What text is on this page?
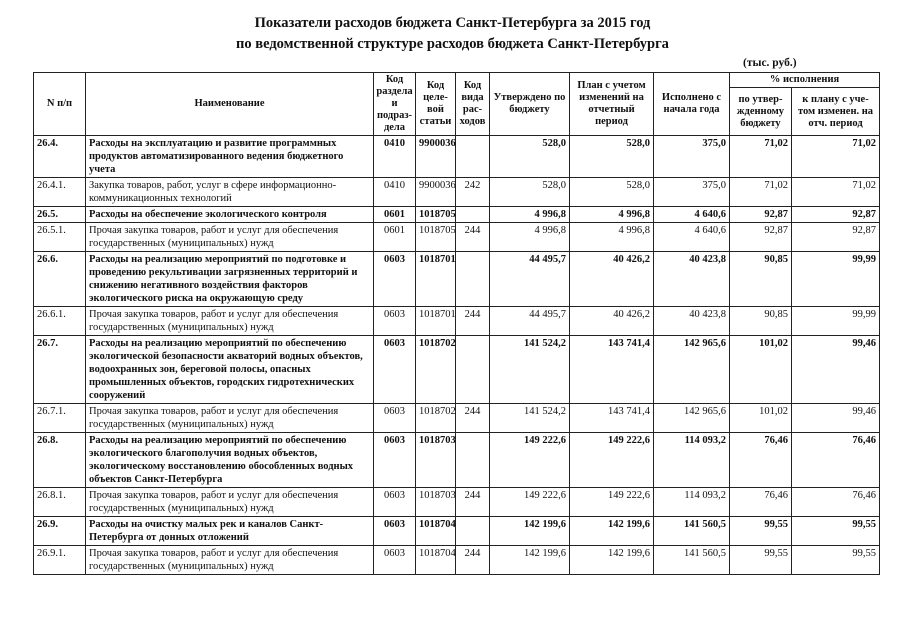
Показатели расходов бюджета Санкт-Петербурга за 2015 год
по ведомственной структуре расходов бюджета Санкт-Петербурга
(тыс. руб.)
N п/п	Наименование	Код раздела и подраз-дела	Код целе-вой статьи	Код вида рас-ходов	Утверждено по бюджету	План с учетом изменений на отчетный период	Исполнено с начала года	% исполнения	
								по утвер-жденному бюджету	к плану с уче-том изменен. на отч. период
26.4.	Расходы на эксплуатацию и развитие программных продуктов автоматизированного ведения бюджетного учета	0410	9900036		528,0	528,0	375,0	71,02	71,02
26.4.1.	Закупка товаров, работ, услуг в сфере информационно-коммуникационных технологий	0410	9900036	242	528,0	528,0	375,0	71,02	71,02
26.5.	Расходы на обеспечение экологического контроля	0601	1018705		4 996,8	4 996,8	4 640,6	92,87	92,87
26.5.1.	Прочая закупка товаров, работ и услуг для обеспечения государственных (муниципальных) нужд	0601	1018705	244	4 996,8	4 996,8	4 640,6	92,87	92,87
26.6.	Расходы на реализацию мероприятий по подготовке и проведению рекультивации загрязненных территорий и снижению негативного воздействия факторов экологического риска на окружающую среду	0603	1018701		44 495,7	40 426,2	40 423,8	90,85	99,99
26.6.1.	Прочая закупка товаров, работ и услуг для обеспечения государственных (муниципальных) нужд	0603	1018701	244	44 495,7	40 426,2	40 423,8	90,85	99,99
26.7.	Расходы на реализацию мероприятий по обеспечению экологической безопасности акваторий водных объектов, водоохранных зон, береговой полосы, опасных промышленных объектов, городских гидротехнических сооружений	0603	1018702		141 524,2	143 741,4	142 965,6	101,02	99,46
26.7.1.	Прочая закупка товаров, работ и услуг для обеспечения государственных (муниципальных) нужд	0603	1018702	244	141 524,2	143 741,4	142 965,6	101,02	99,46
26.8.	Расходы на реализацию мероприятий по обеспечению экологического благополучия водных объектов, экологическому восстановлению обособленных водных объектов Санкт-Петербурга	0603	1018703		149 222,6	149 222,6	114 093,2	76,46	76,46
26.8.1.	Прочая закупка товаров, работ и услуг для обеспечения государственных (муниципальных) нужд	0603	1018703	244	149 222,6	149 222,6	114 093,2	76,46	76,46
26.9.	Расходы на очистку малых рек и каналов Санкт-Петербурга от донных отложений	0603	1018704		142 199,6	142 199,6	141 560,5	99,55	99,55
26.9.1.	Прочая закупка товаров, работ и услуг для обеспечения государственных (муниципальных) нужд	0603	1018704	244	142 199,6	142 199,6	141 560,5	99,55	99,55
